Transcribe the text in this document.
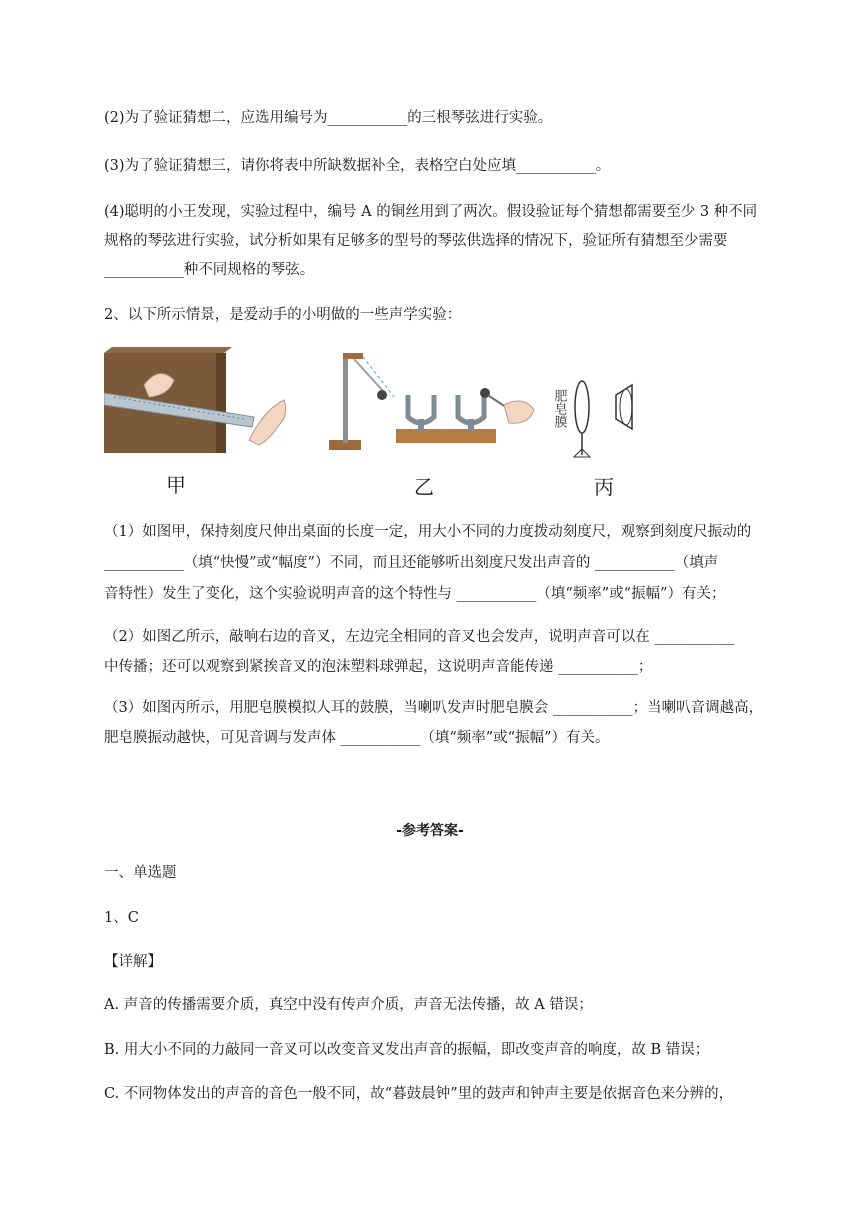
(2)为了验证猜想二，应选用编号为___________的三根琴弦进行实验。
(3)为了验证猜想三，请你将表中所缺数据补全，表格空白处应填___________。
(4)聪明的小王发现，实验过程中，编号 A 的铜丝用到了两次。假设验证每个猜想都需要至少 3 种不同
规格的琴弦进行实验，试分析如果有足够多的型号的琴弦供选择的情况下，验证所有猜想至少需要
___________种不同规格的琴弦。
2、以下所示情景，是爱动手的小明做的一些声学实验：
肥皂膜
甲	乙	丙
（1）如图甲，保持刻度尺伸出桌面的长度一定，用大小不同的力度拨动刻度尺，观察到刻度尺振动的
___________（填“快慢”或“幅度”）不同，而且还能够听出刻度尺发出声音的 ___________（填声
音特性）发生了变化，这个实验说明声音的这个特性与 ___________（填“频率”或“振幅”）有关；
（2）如图乙所示，敲响右边的音叉，左边完全相同的音叉也会发声，说明声音可以在 ___________
中传播；还可以观察到紧挨音叉的泡沫塑料球弹起，这说明声音能传递 ___________；
（3）如图丙所示，用肥皂膜模拟人耳的鼓膜，当喇叭发声时肥皂膜会 ___________；当喇叭音调越高，
肥皂膜振动越快，可见音调与发声体 ___________（填“频率”或“振幅”）有关。
-参考答案-
一、单选题
1、C
【详解】
A. 声音的传播需要介质，真空中没有传声介质，声音无法传播，故 A 错误；
B. 用大小不同的力敲同一音叉可以改变音叉发出声音的振幅，即改变声音的响度，故 B 错误；
C. 不同物体发出的声音的音色一般不同，故“暮鼓晨钟”里的鼓声和钟声主要是依据音色来分辨的，
